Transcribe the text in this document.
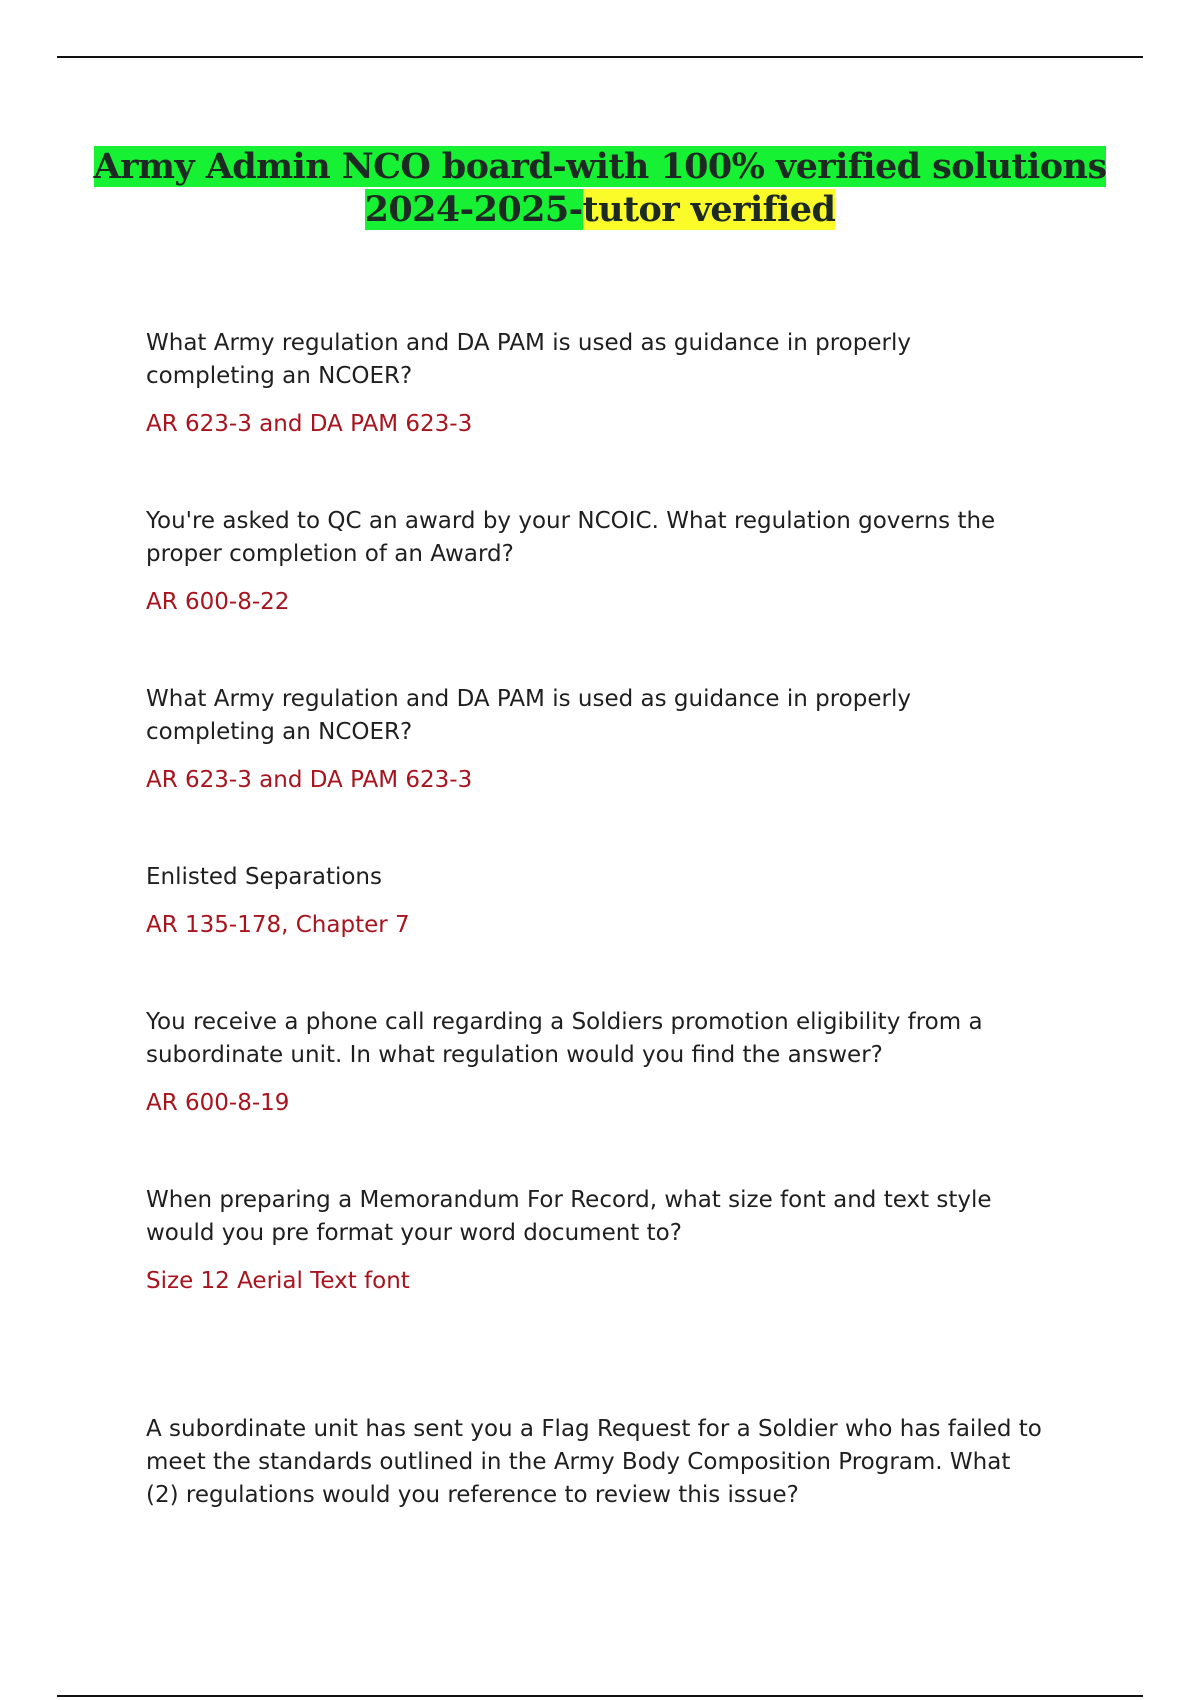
Army Admin NCO board-with 100% verified solutions
2024-2025-tutor verified

What Army regulation and DA PAM is used as guidance in properly completing an NCOER?

AR 623-3 and DA PAM 623-3

You're asked to QC an award by your NCOIC. What regulation governs the proper completion of an Award?

AR 600-8-22

What Army regulation and DA PAM is used as guidance in properly completing an NCOER?

AR 623-3 and DA PAM 623-3

Enlisted Separations

AR 135-178, Chapter 7

You receive a phone call regarding a Soldiers promotion eligibility from a subordinate unit. In what regulation would you find the answer?

AR 600-8-19

When preparing a Memorandum For Record, what size font and text style would you pre format your word document to?

Size 12 Aerial Text font

A subordinate unit has sent you a Flag Request for a Soldier who has failed to meet the standards outlined in the Army Body Composition Program. What (2) regulations would you reference to review this issue?
